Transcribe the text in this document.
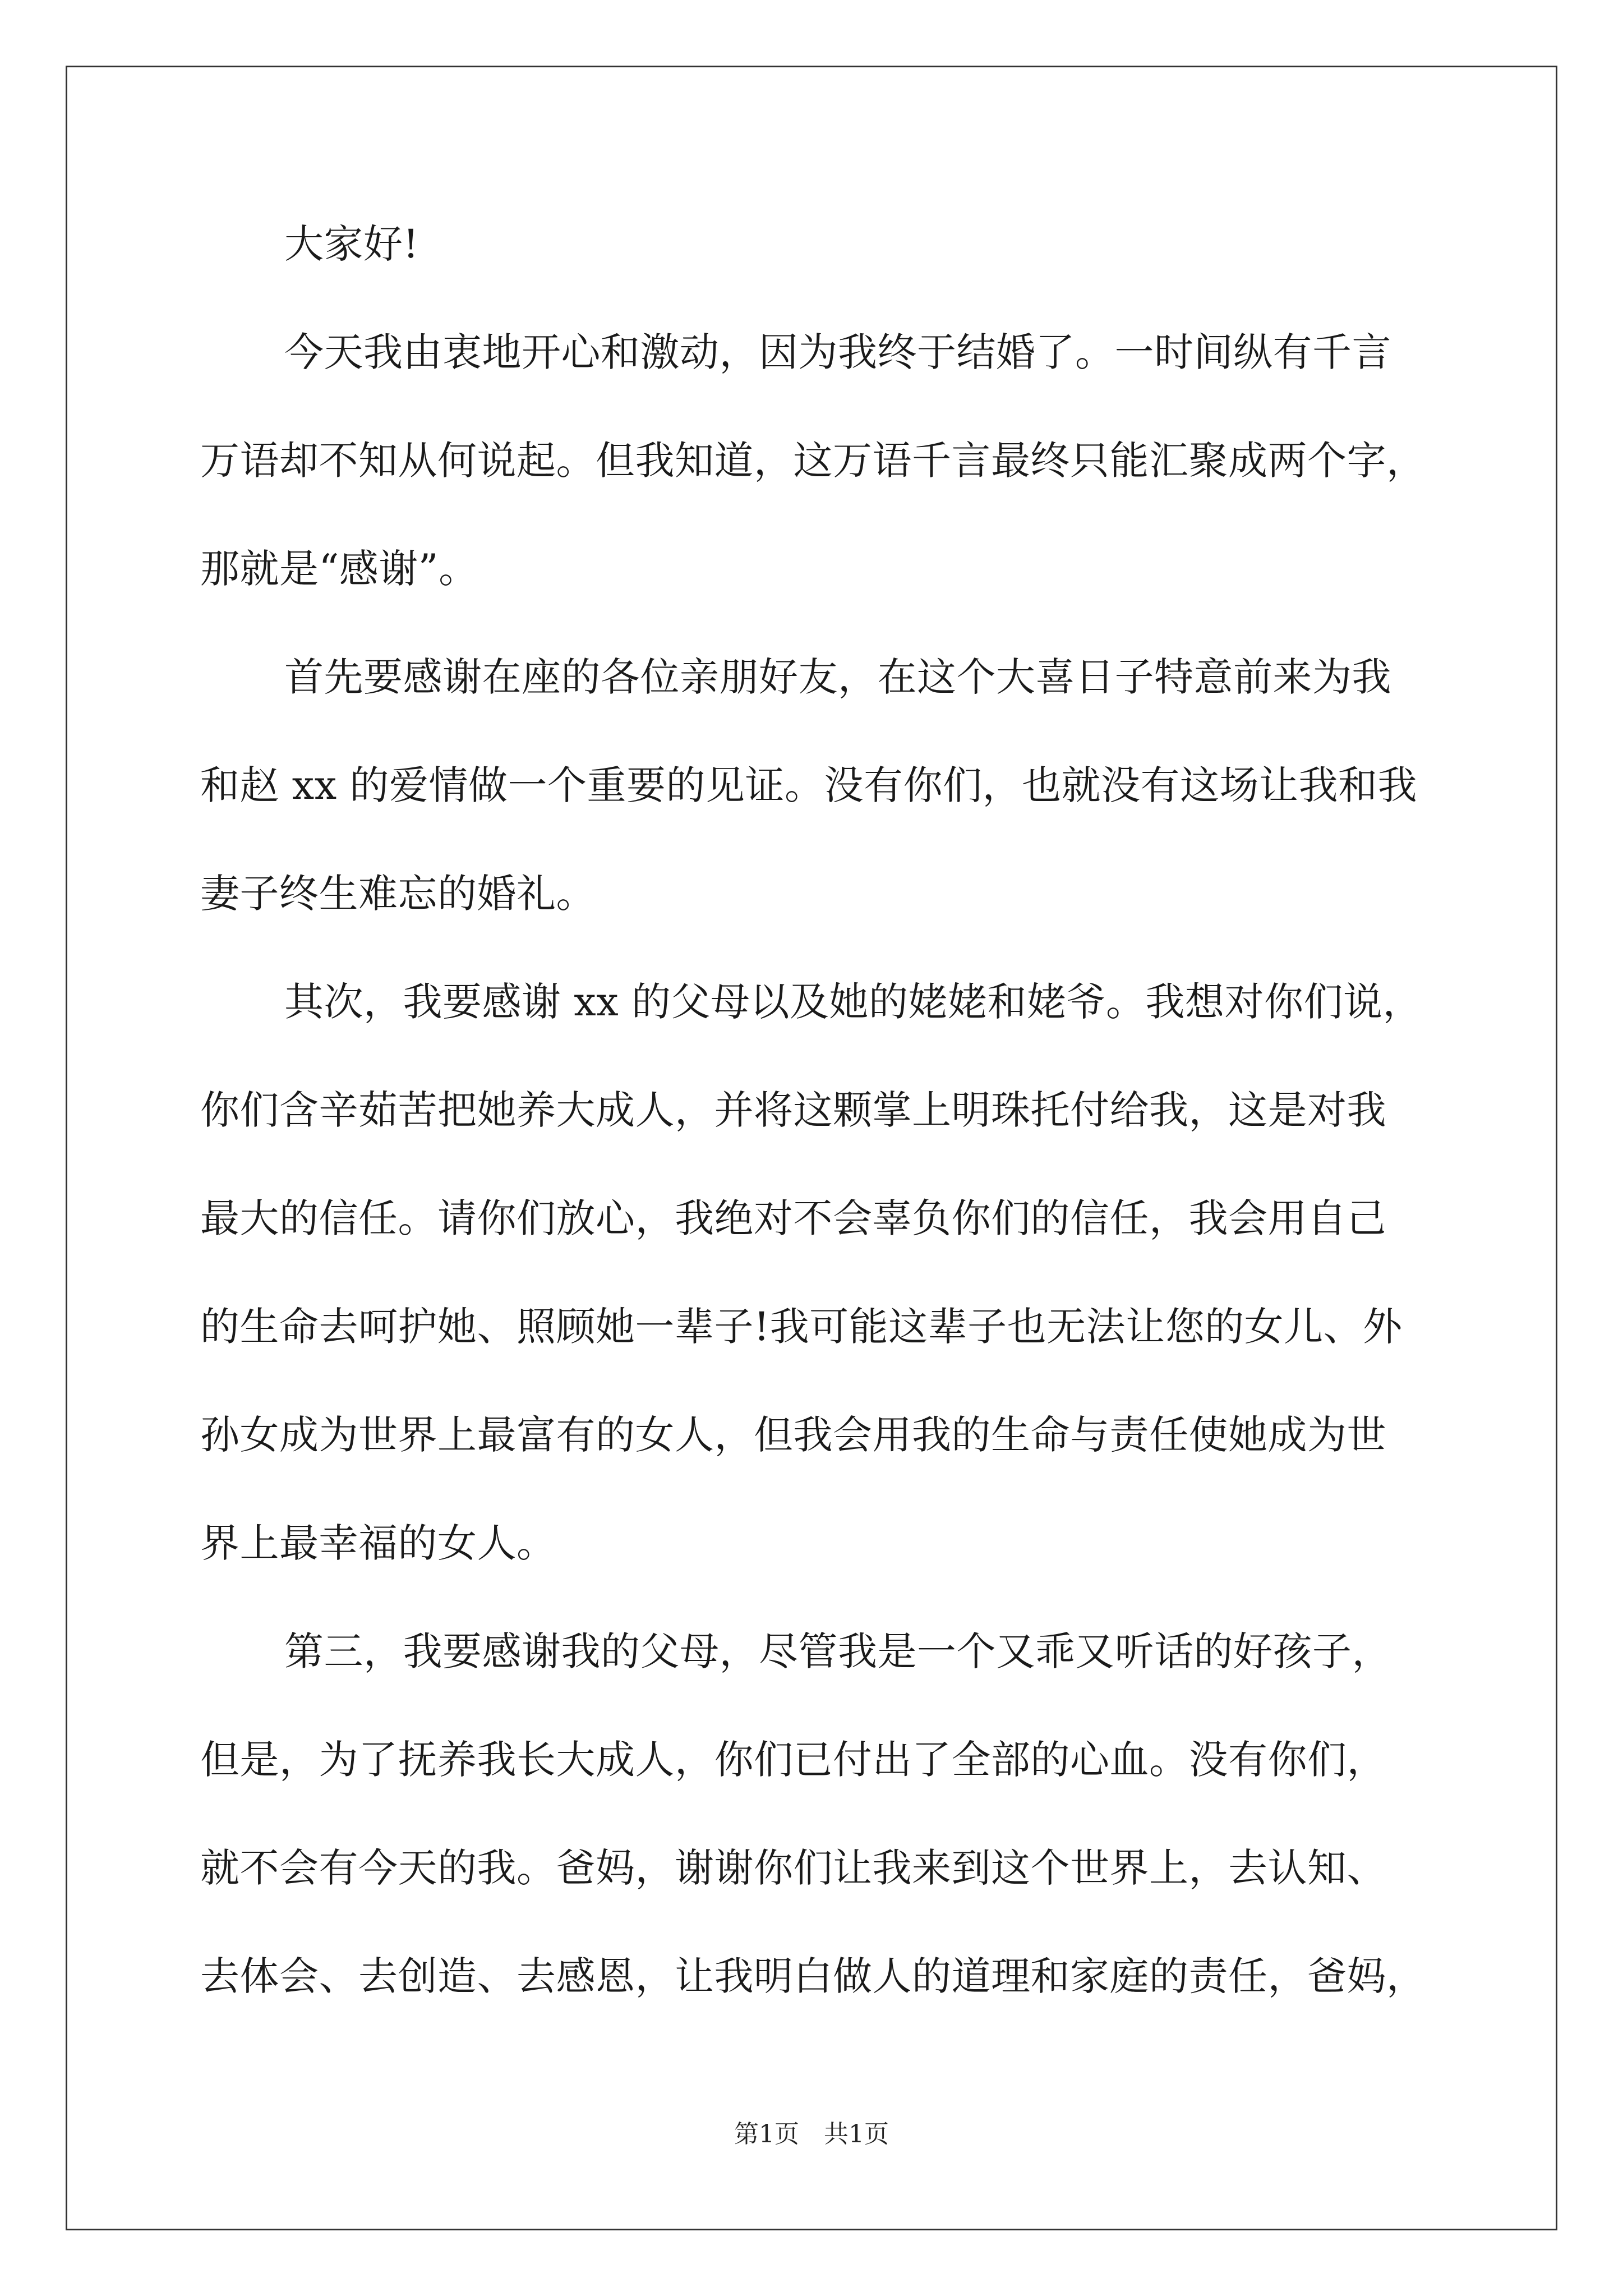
大家好!
今天我由衷地开心和激动，因为我终于结婚了。一时间纵有千言
万语却不知从何说起。但我知道，这万语千言最终只能汇聚成两个字，
那就是“感谢”。
首先要感谢在座的各位亲朋好友，在这个大喜日子特意前来为我
和赵 xx 的爱情做一个重要的见证。没有你们，也就没有这场让我和我
妻子终生难忘的婚礼。
其次，我要感谢 xx 的父母以及她的姥姥和姥爷。我想对你们说，
你们含辛茹苦把她养大成人，并将这颗掌上明珠托付给我，这是对我
最大的信任。请你们放心，我绝对不会辜负你们的信任，我会用自己
的生命去呵护她、照顾她一辈子!我可能这辈子也无法让您的女儿、外
孙女成为世界上最富有的女人，但我会用我的生命与责任使她成为世
界上最幸福的女人。
第三，我要感谢我的父母，尽管我是一个又乖又听话的好孩子，
但是，为了抚养我长大成人，你们已付出了全部的心血。没有你们，
就不会有今天的我。爸妈，谢谢你们让我来到这个世界上，去认知、
去体会、去创造、去感恩，让我明白做人的道理和家庭的责任，爸妈，
第1页　共1页
